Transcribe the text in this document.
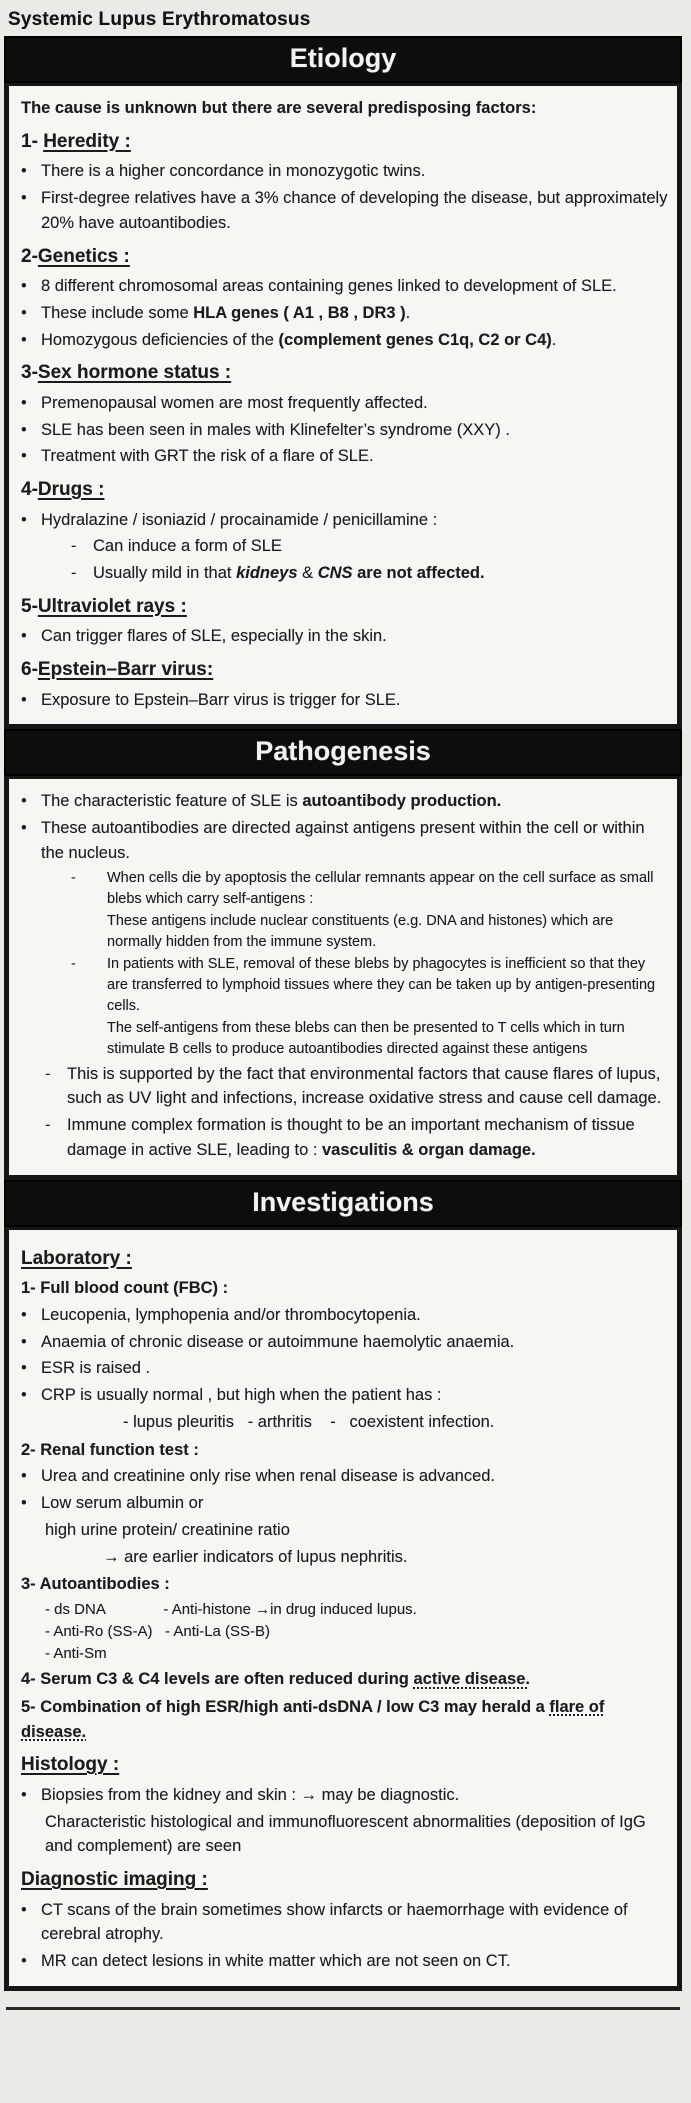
Systemic Lupus Erythromatosus
Etiology
The cause is unknown but there are several predisposing factors:
1- Heredity :
• There is a higher concordance in monozygotic twins.
• First-degree relatives have a 3% chance of developing the disease, but approximately 20% have autoantibodies.
2-Genetics :
• 8 different chromosomal areas containing genes linked to development of SLE.
• These include some HLA genes ( A1 , B8 , DR3 ).
• Homozygous deficiencies of the (complement genes C1q, C2 or C4).
3-Sex hormone status :
• Premenopausal women are most frequently affected.
• SLE has been seen in males with Klinefelter’s syndrome (XXY) .
• Treatment with GRT the risk of a flare of SLE.
4-Drugs :
• Hydralazine / isoniazid / procainamide / penicillamine :
-	Can induce a form of SLE
-	Usually mild in that kidneys & CNS are not affected.
5-Ultraviolet rays :
• Can trigger flares of SLE, especially in the skin.
6-Epstein–Barr virus:
• Exposure to Epstein–Barr virus is trigger for SLE.
Pathogenesis
• The characteristic feature of SLE is autoantibody production.
• These autoantibodies are directed against antigens present within the cell or within the nucleus.
-	When cells die by apoptosis the cellular remnants appear on the cell surface as small blebs which carry self-antigens :
These antigens include nuclear constituents (e.g. DNA and histones) which are normally hidden from the immune system.
-	In patients with SLE, removal of these blebs by phagocytes is inefficient so that they are transferred to lymphoid tissues where they can be taken up by antigen-presenting cells.
The self-antigens from these blebs can then be presented to T cells which in turn stimulate B cells to produce autoantibodies directed against these antigens
-	This is supported by the fact that environmental factors that cause flares of lupus, such as UV light and infections, increase oxidative stress and cause cell damage.
-	Immune complex formation is thought to be an important mechanism of tissue damage in active SLE, leading to : vasculitis & organ damage.
Investigations
Laboratory :
1- Full blood count (FBC) :
• Leucopenia, lymphopenia and/or thrombocytopenia.
• Anaemia of chronic disease or autoimmune haemolytic anaemia.
• ESR is raised .
• CRP is usually normal , but high when the patient has :
- lupus pleuritis   - arthritis    -   coexistent infection.
2- Renal function test :
• Urea and creatinine only rise when renal disease is advanced.
• Low serum albumin or
high urine protein/ creatinine ratio
→ are earlier indicators of lupus nephritis.
3- Autoantibodies :
- ds DNA              - Anti-histone →in drug induced lupus.
- Anti-Ro (SS-A)   - Anti-La (SS-B)
- Anti-Sm
4- Serum C3 & C4 levels are often reduced during active disease.
5- Combination of high ESR/high anti-dsDNA / low C3 may herald a flare of disease.
Histology :
• Biopsies from the kidney and skin : → may be diagnostic.
Characteristic histological and immunofluorescent abnormalities (deposition of IgG and complement) are seen
Diagnostic imaging :
• CT scans of the brain sometimes show infarcts or haemorrhage with evidence of cerebral atrophy.
• MR can detect lesions in white matter which are not seen on CT.
